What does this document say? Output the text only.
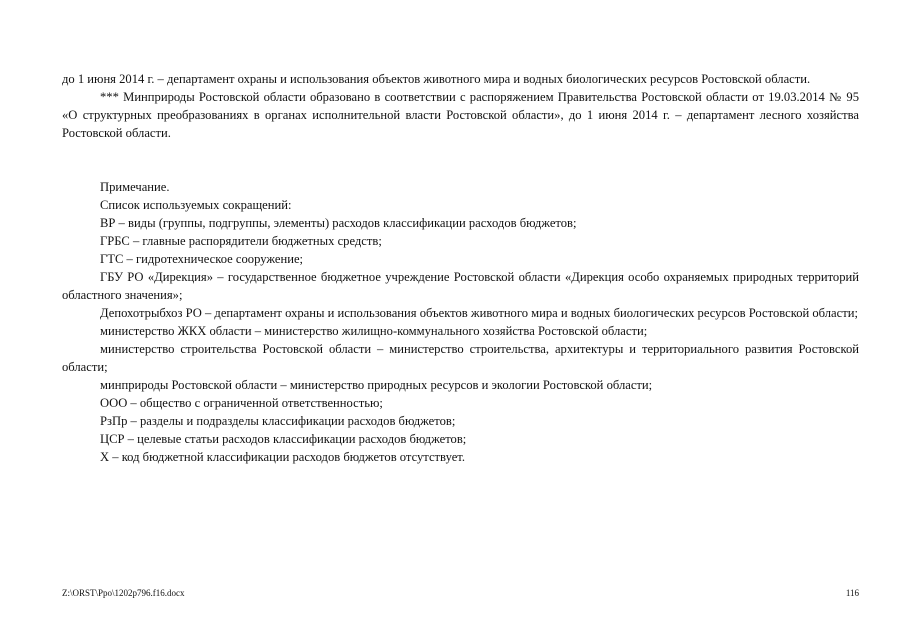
до 1 июня 2014 г. – департамент охраны и использования объектов животного мира и водных биологических ресурсов Ростовской области.

*** Минприроды Ростовской области образовано в соответствии с распоряжением Правительства Ростовской области от 19.03.2014 № 95 «О структурных преобразованиях в органах исполнительной власти Ростовской области», до 1 июня 2014 г. – департамент лесного хозяйства Ростовской области.

Примечание.

Список используемых сокращений:

ВР – виды (группы, подгруппы, элементы) расходов классификации расходов бюджетов;

ГРБС – главные распорядители бюджетных средств;

ГТС – гидротехническое сооружение;

ГБУ РО «Дирекция» – государственное бюджетное учреждение Ростовской области «Дирекция особо охраняемых природных территорий областного значения»;

Депохотрыбхоз РО – департамент охраны и использования объектов животного мира и водных биологических ресурсов Ростовской области;

министерство ЖКХ области – министерство жилищно-коммунального хозяйства Ростовской области;

министерство строительства Ростовской области – министерство строительства, архитектуры и территориального развития Ростовской области;

минприроды Ростовской области – министерство природных ресурсов и экологии Ростовской области;

ООО – общество с ограниченной ответственностью;

РзПр – разделы и подразделы классификации расходов бюджетов;

ЦСР – целевые статьи расходов классификации расходов бюджетов;

Х – код бюджетной классификации расходов бюджетов отсутствует.

Z:\ORST\Ppo\1202p796.f16.docx	116
